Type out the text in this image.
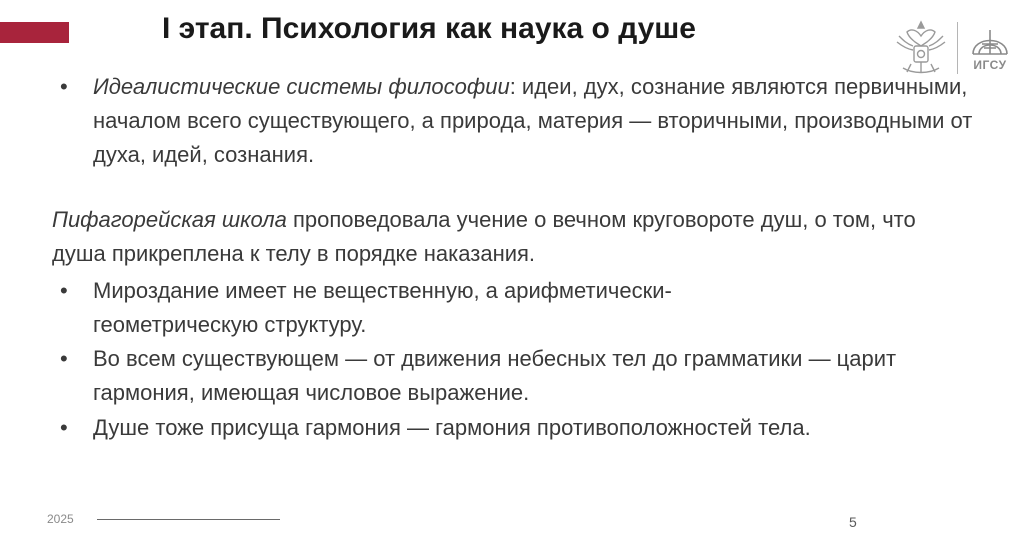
I этап. Психология как наука о душе
ИГСУ
•
Идеалистические системы философии: идеи, дух, сознание являются первичными, началом всего существующего, а природа, материя — вторичными, производными от духа, идей, сознания.
Пифагорейская школа проповедовала учение о вечном круговороте душ, о том, что душа прикреплена к телу в порядке наказания.
•
Мироздание имеет не вещественную, а арифметически-геометрическую структуру.
•
Во всем существующем — от движения небесных тел до грамматики — царит гармония, имеющая числовое выражение.
•
Душе тоже присуща гармония — гармония противоположностей тела.
2025	5
